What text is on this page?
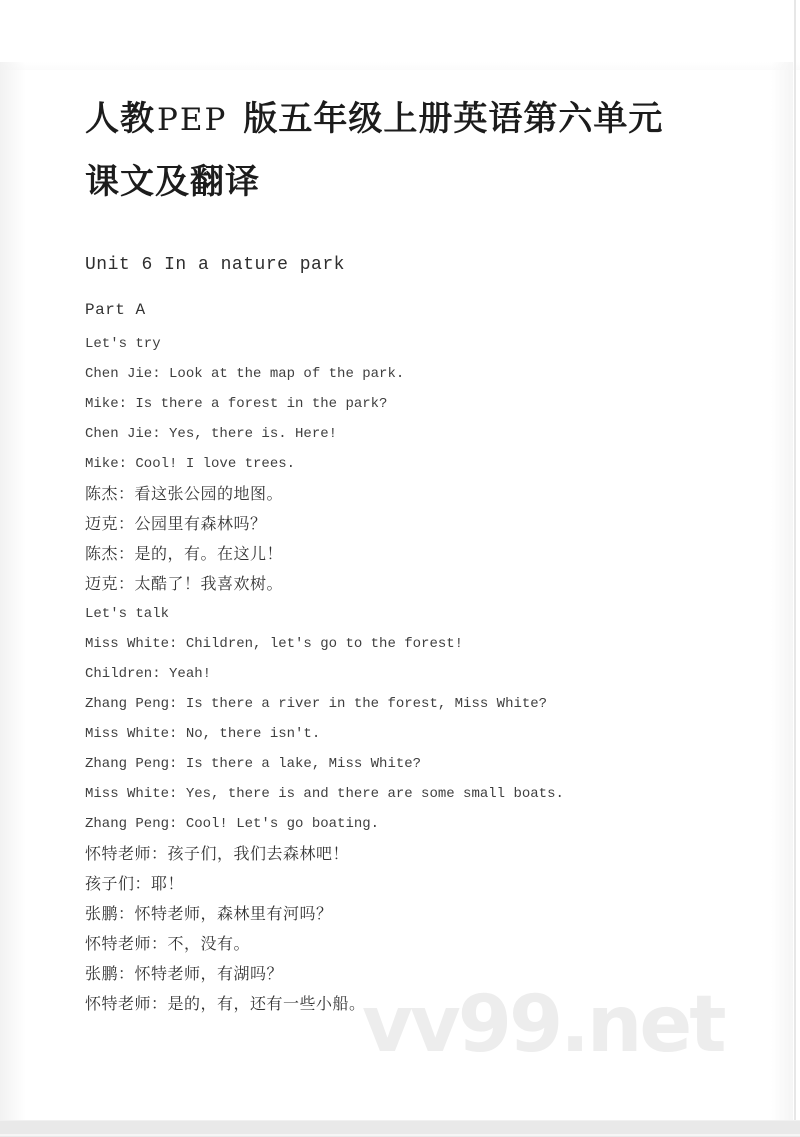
vv99.net
人教PEP 版五年级上册英语第六单元
课文及翻译
Unit 6 In a nature park
Part A

Let's try

Chen Jie: Look at the map of the park.

Mike: Is there a forest in the park?

Chen Jie: Yes, there is. Here!

Mike: Cool! I love trees.

陈杰：看这张公园的地图。

迈克：公园里有森林吗？

陈杰：是的，有。在这儿！

迈克：太酷了！我喜欢树。

Let's talk

Miss White: Children, let's go to the forest!

Children: Yeah!

Zhang Peng: Is there a river in the forest, Miss White?

Miss White: No, there isn't.

Zhang Peng: Is there a lake, Miss White?

Miss White: Yes, there is and there are some small boats.

Zhang Peng: Cool! Let's go boating.

怀特老师：孩子们，我们去森林吧！

孩子们：耶！

张鹏：怀特老师，森林里有河吗？

怀特老师：不，没有。

张鹏：怀特老师，有湖吗？

怀特老师：是的，有，还有一些小船。
